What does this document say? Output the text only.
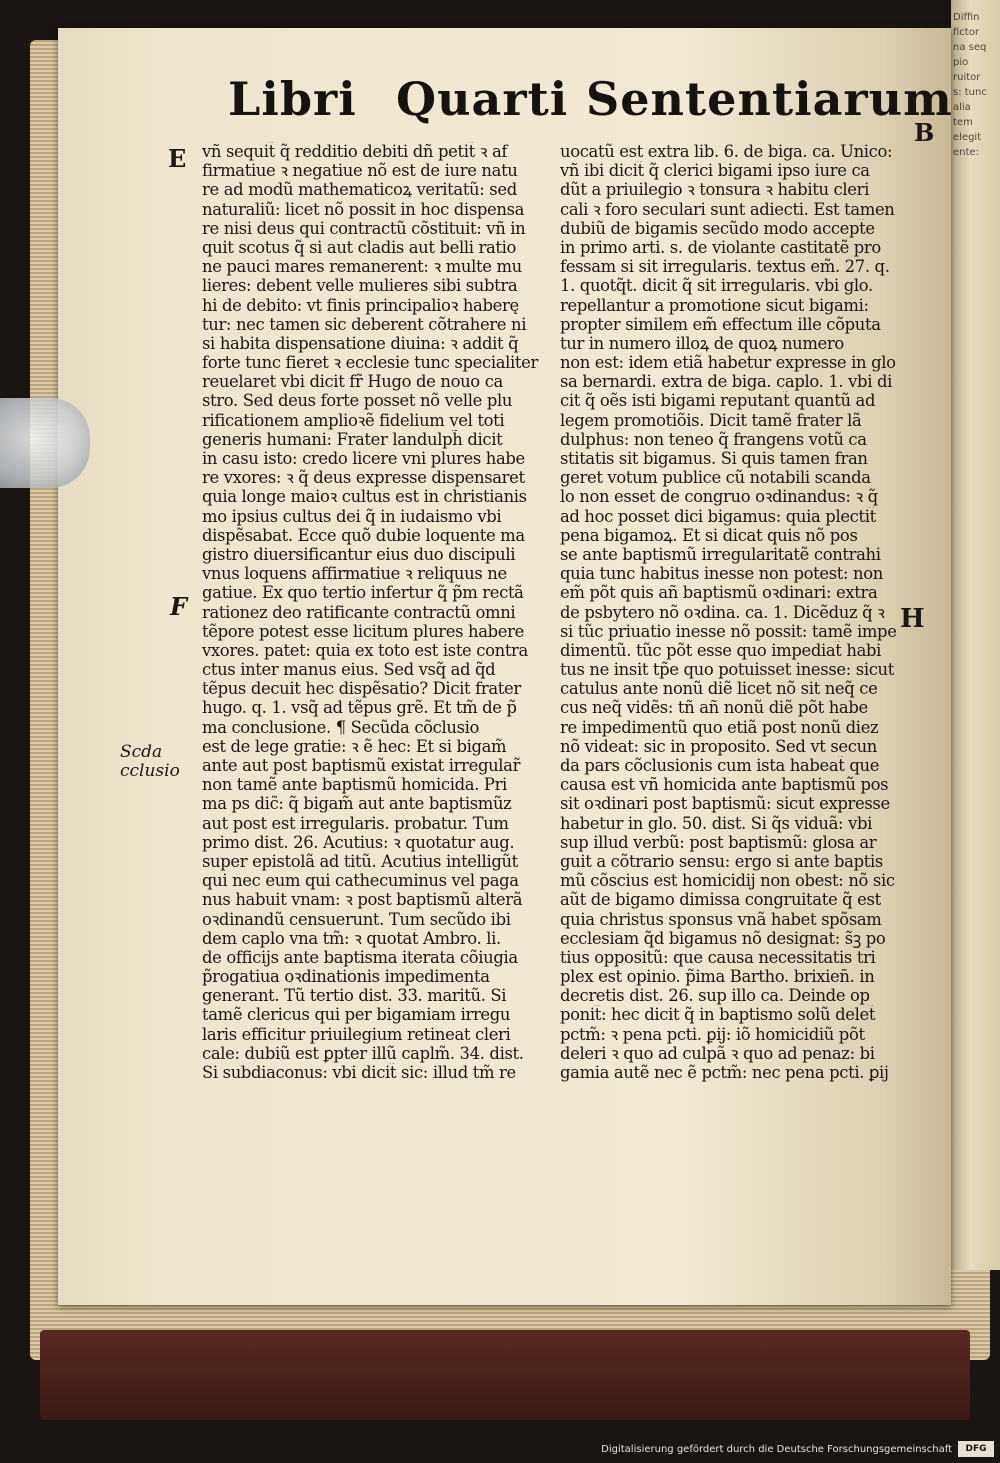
Diffin
fictor
na seq
pio
ruitor
s: tunc
alia
tem
elegit
ente:
Libri Quarti Sententiarum
E
F
B
H
Scda
cclusio
vñ sequit̃ q̃ redditio debiti dñ petit̃ ꝛ af
firmatiue ꝛ negatiue nõ est de iure natu
re ad modũ mathematicoꝝ veritatũ: sed
naturaliũ: licet nõ possit in hoc dispensa
re nisi deus qui contractũ cõstituit: vñ in
quit scotus q̃ si aut cladis aut belli ratio
ne pauci mares remanerent: ꝛ multe mu
lieres: debent velle mulieres sibi subtra
hi de debito: vt finis principalioꝛ haberę
tur: nec tamen sic deberent cõtrahere ni
si habita dispensatione diuina: ꝛ addit q̃
forte tunc fieret ꝛ ecclesie tunc specialiter
reuelaret vbi dicit fr̃ Hugo de nouo ca
stro. Sed deus forte posset nõ velle plu
rificationem amplioꝛẽ fidelium vel toti
generis humani: Frater landulph̃ dicit
in casu isto: credo licere vni plures habe
re vxores: ꝛ q̃ deus expresse dispensaret
quia longe maioꝛ cultus est in christianis
mo ipsius cultus dei q̃ in iudaismo vbi
dispẽsabat. Ecce quõ dubie loquente ma
gistro diuersificantur eius duo discipuli
vnus loquens affirmatiue ꝛ reliquus ne
gatiue. Ex quo tertio infertur q̃ p̃m rectã
rationez deo ratificante contractũ omni
tẽpore potest esse licitum plures habere
vxores. patet: quia ex toto est iste contra
ctus inter manus eius. Sed vsq̃ ad q̃d
tẽpus decuit hec dispẽsatio? Dicit frater
hugo. q. 1. vsq̃ ad tẽpus grẽ. Et tm̃ de p̃
ma conclusione. ¶ Secũda cõclusio
est de lege gratie: ꝛ ẽ hec: Et si bigam̃
ante aut post baptismũ existat irregular̃
non tamẽ ante baptismũ homicida. Pri
ma ps dic̃: q̃ bigam̃ aut ante baptismũz
aut post est irregularis. probatur. Tum
primo dist. 26. Acutius: ꝛ quotatur aug.
super epistolã ad titũ. Acutius intelligũt
qui nec eum qui cathecuminus vel paga
nus habuit vnam: ꝛ post baptismũ alterã
oꝛdinandũ censuerunt. Tum secũdo ibi
dem caplo vna tm̃: ꝛ quotat̃ Ambro. li.
de officijs ante baptisma iterata cõiugia
p̃rogatiua oꝛdinationis impedimenta
generant. Tũ tertio dist. 33. maritũ. Si
tamẽ clericus qui per bigamiam irregu
laris efficitur priuilegium retineat cleri
cale: dubiũ est ꝑpter illũ caplm̃. 34. dist.
Si subdiaconus: vbi dicit̃ sic: illud tm̃ re
uocatũ est extra lib. 6. de biga. ca. Unico:
vñ ibi dicit̃ q̃ clerici bigami ipso iure ca
dũt a priuilegio ꝛ tonsura ꝛ habitu cleri
cali ꝛ foro seculari sunt adiecti. Est tamen
dubiũ de bigamis secũdo modo accept̃e
in primo arti. s. de violante castitatẽ pro
fessam si sit irregularis. textus em̃. 27. q.
1. quotq̃t. dicit q̃ sit irregularis. vbi glo.
repellantur a promotione sicut bigami:
propter similem em̃ effectum ille cõputa
tur in numero illoꝝ de quoꝝ numero
non est: idem etiã habetur expresse in glo
sa bernardi. extra de biga. caplo. 1. vbi di
cit q̃ oẽs isti bigami reputant̃ quantũ ad
legem promotiõis. Dicit tamẽ frater lã
dulphus: non teneo q̃ frangens votũ ca
stitatis sit bigamus. Si quis tamen fran
geret votum publice cũ notabili scanda
lo non esset de congruo oꝛdinandus: ꝛ q̃
ad hoc posset dici bigamus: quia plectit̃
pena bigamoꝝ. Et si dicat quis nõ pos
se ante baptismũ irregularitatẽ contrahi
quia tunc habitus inesse non potest: non
em̃ põt quis añ baptismũ oꝛdinari: extra
de psbytero nõ oꝛdina. ca. 1. Dicẽduz q̃ ꝛ
si tũc priuatio inesse nõ possit: tamẽ impe
dimentũ. tũc põt esse quo impediat̃ habi
tus ne insit tp̃e quo potuisset inesse: sicut
catulus ante nonũ diẽ licet nõ sit neq̃ ce
cus neq̃ vidẽs: tñ añ nonũ diẽ põt habe
re impedimentũ quo etiã post nonũ diez
nõ videat: sic in proposito. Sed vt secun
da pars cõclusionis cum ista habeat̃ que
causa est vñ homicida ante baptismũ pos
sit oꝛdinari post baptismũ: sicut expresse
habetur in glo. 50. dist. Si q̃s viduã: vbi
sup illud verbũ: post baptismũ: glosa ar
guit a cõtrario sensu: ergo si ante baptis
mũ cõscius est homicidij non obest: nõ sic
aũt de bigamo dimissa congruitate q̃ est
quia christus sponsus vnã habet spõsam
ecclesiam q̃d bigamus nõ designat: s̃ꝫ po
tius oppositũ: que causa necessitatis tri
plex est opinio. p̃ima Bartho. brixien̄. in
decretis dist. 26. sup illo ca. Deinde op
ponit̃: hec dicit q̃ in baptismo solũ delet̃
pctm̃: ꝛ pena pcti. ꝑij: iõ homicidiũ põt
deleri ꝛ quo ad culpã ꝛ quo ad penaz: bi
gamia autẽ nec ẽ pctm̃: nec pena pcti. ꝑij
Digitalisierung gefördert durch die Deutsche Forschungsgemeinschaft	DFG
